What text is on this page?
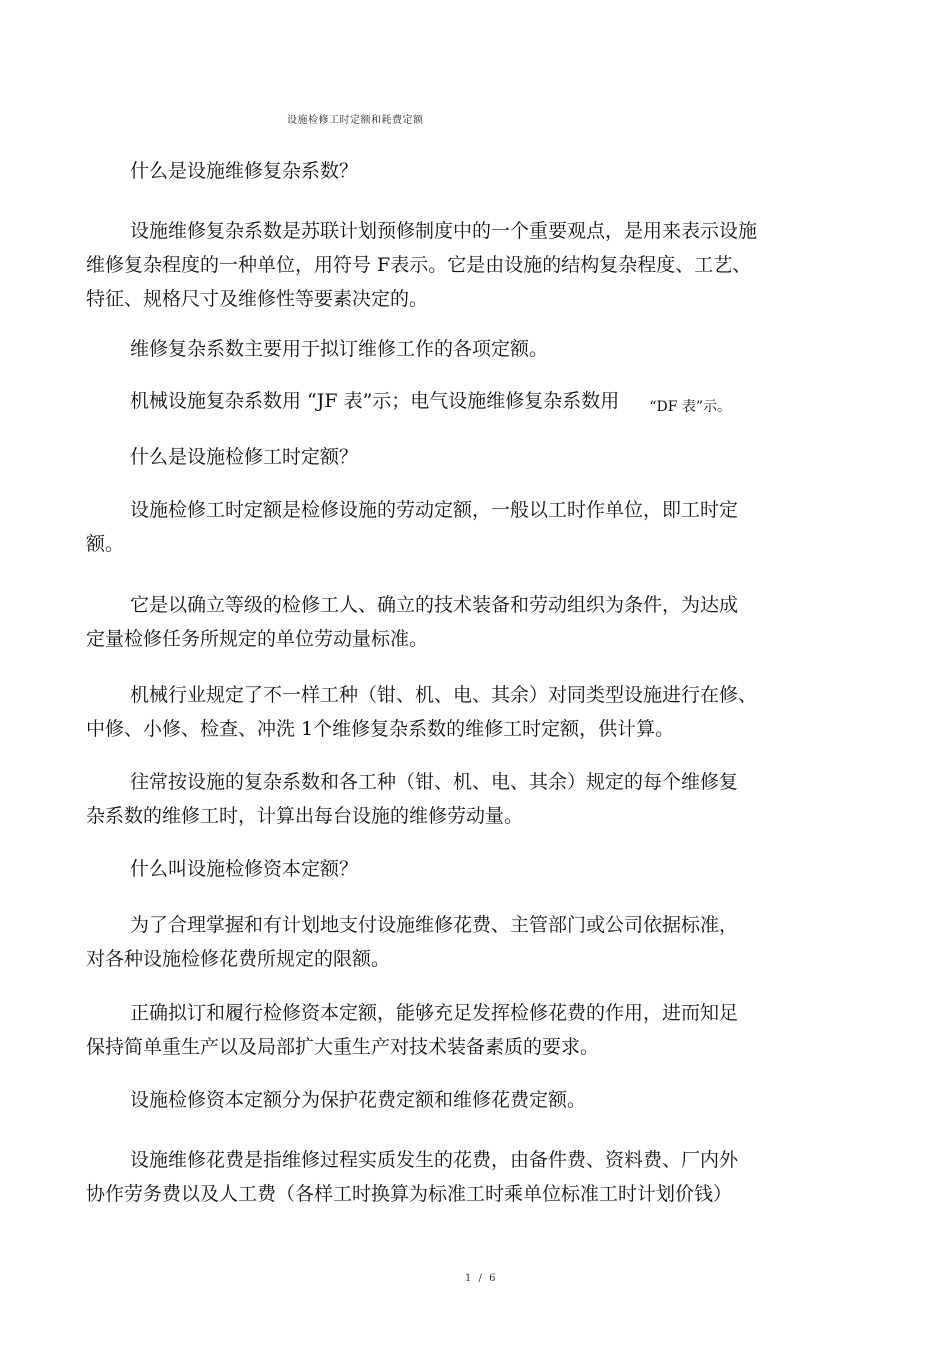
设施检修工时定额和耗费定额
什么是设施维修复杂系数？
设施维修复杂系数是苏联计划预修制度中的一个重要观点，是用来表示设施
维修复杂程度的一种单位，用符号 F表示。它是由设施的结构复杂程度、工艺、
特征、规格尺寸及维修性等要素决定的。
维修复杂系数主要用于拟订维修工作的各项定额。
机械设施复杂系数用 “JF 表”示；电气设施维修复杂系数用 $_{“DF 表”示。}$
什么是设施检修工时定额？
设施检修工时定额是检修设施的劳动定额，一般以工时作单位，即工时定
额。
它是以确立等级的检修工人、确立的技术装备和劳动组织为条件，为达成
定量检修任务所规定的单位劳动量标准。
机械行业规定了不一样工种（钳、机、电、其余）对同类型设施进行在修、
中修、小修、检查、冲洗 1个维修复杂系数的维修工时定额，供计算。
往常按设施的复杂系数和各工种（钳、机、电、其余）规定的每个维修复
杂系数的维修工时，计算出每台设施的维修劳动量。
什么叫设施检修资本定额？
为了合理掌握和有计划地支付设施维修花费、主管部门或公司依据标准，
对各种设施检修花费所规定的限额。
正确拟订和履行检修资本定额，能够充足发挥检修花费的作用，进而知足
保持简单重生产以及局部扩大重生产对技术装备素质的要求。
设施检修资本定额分为保护花费定额和维修花费定额。
设施维修花费是指维修过程实质发生的花费，由备件费、资料费、厂内外
协作劳务费以及人工费（各样工时换算为标准工时乘单位标准工时计划价钱）
1 / 6
